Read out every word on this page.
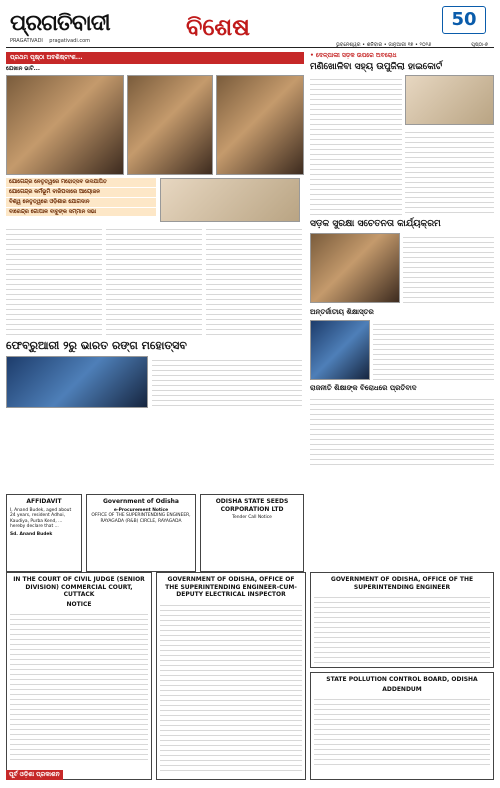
ପ୍ରଗତିବାଦୀ
PRAGATIVADI pragativadi.com	ବିଶେଷ	50
ଭୁବନେଶ୍ୱର • ଶନିବାର • ଜାନୁଆରୀ ୧୭ • ୨୦୨୬	ପୃଷ୍ଠା-୭
ପ୍ରଥମ ପୃଷ୍ଠା ଅବଶିଷ୍ଟାଂଶ...
ଯେଖାନ ଭାଟି...
ଯୋଗେନ୍ଦ୍ର ନେତୃତ୍ୱରେ ମହୋତ୍ସବ ଉଦଯାପିତ
ଯୋଗେନ୍ଦ୍ର କର୍ମଭୂମି ବାରିପଦାରେ ଆୟୋଜନ
ବିଶ୍ୱ ନେତୃତ୍ୱରେ ଓଡ଼ିଶାର ଯୋଗଦାନ
ବାରେନ୍ଦ୍ର ଗୋପାଳ ବାବୁଙ୍କ ସମ୍ମାନ ସଭା
ଫେବ୍ରୁଆରୀ ୨ରୁ ଭାରତ ରଙ୍ଗ ମହୋତ୍ସବ
AFFIDAVIT
I, Anand Budek, aged about 24 years, resident Adhoi, Kaudiya, Purba Kend, ... hereby declare that ...
Sd. Anand Budek
Government of Odisha
e-Procurement Notice
OFFICE OF THE SUPERINTENDING ENGINEER, RAYAGADA (R&B) CIRCLE, RAYAGADA
ODISHA STATE SEEDS CORPORATION LTD
Tender Call Notice
• ଦେଳ୍ପାଲୀ ସଡ଼କ ଉପରେ ଅବରୋଧ
ମଣିଖୋଳିବା ସହ୍ୟ ଉପୁଜିଲା ହାଇକୋର୍ଟ
ସଡ଼କ ସୁରକ୍ଷା ସଚେତନତା କାର୍ଯ୍ୟକ୍ରମ
ଅନ୍ତର୍ଜାତୀୟ ଶିକ୍ଷାସ୍ତର
ରାଜନୀତି ଶିକ୍ଷାଙ୍କ ବିରୋଧରେ ପ୍ରତିବାଦ
IN THE COURT OF CIVIL JUDGE (SENIOR DIVISION) COMMERCIAL COURT, CUTTACK
NOTICE
GOVERNMENT OF ODISHA, OFFICE OF THE SUPERINTENDING ENGINEER-CUM-DEPUTY ELECTRICAL INSPECTOR
GOVERNMENT OF ODISHA, OFFICE OF THE SUPERINTENDING ENGINEER
STATE POLLUTION CONTROL BOARD, ODISHA
ADDENDUM
ପୂର୍ବ ଓଡ଼ିଶା ପ୍ରକାଶନ
